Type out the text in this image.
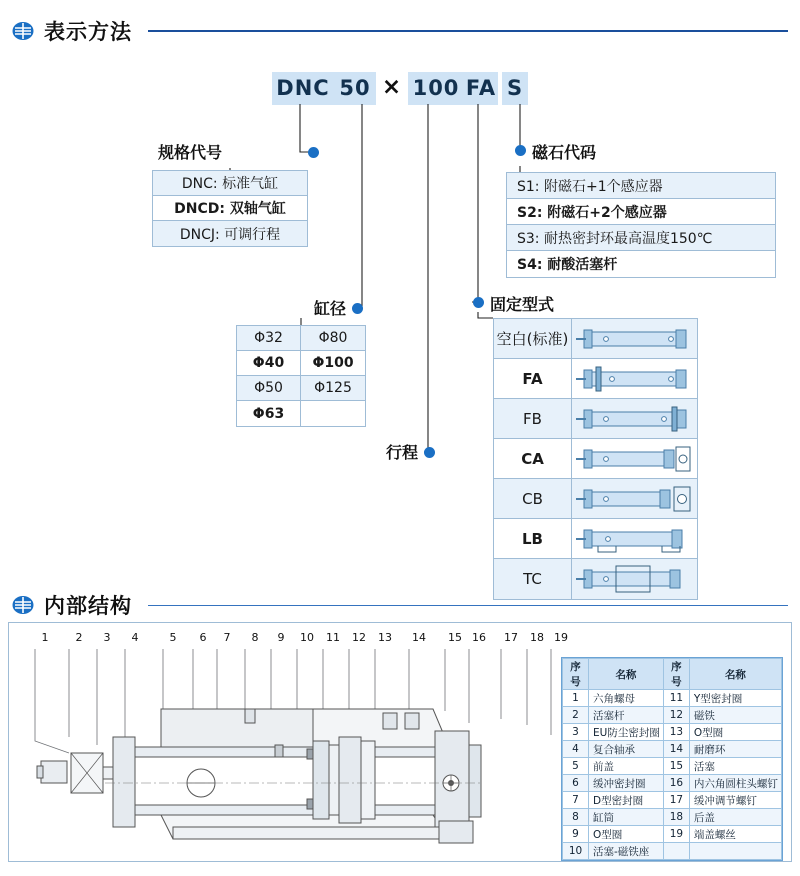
表示方法
DNC 50 × 100 FA S
规格代号
缸径
行程
磁石代码
固定型式
DNC: 标准气缸
DNCD: 双轴气缸
DNCJ: 可调行程
Φ32	Φ80
Φ40	Φ100
Φ50	Φ125
Φ63
S1: 附磁石+1个感应器
S2: 附磁石+2个感应器
S3: 耐热密封环最高温度150℃
S4: 耐酸活塞杆
空白(标准)
FA
FB
CA
CB
LB
TC
内部结构
1 2 3 4	5 6 7 8 9 10 11 12 13 14 15 16 17 18 19
序号	名称	序号	名称
1	六角螺母	11	Y型密封圈
2	活塞杆	12	磁铁
3	EU防尘密封圈	13	O型圈
4	复合轴承	14	耐磨环
5	前盖	15	活塞
6	缓冲密封圈	16	内六角圆柱头螺钉
7	D型密封圈	17	缓冲调节螺钉
8	缸筒	18	后盖
9	O型圈	19	端盖螺丝
10	活塞-磁铁座		
